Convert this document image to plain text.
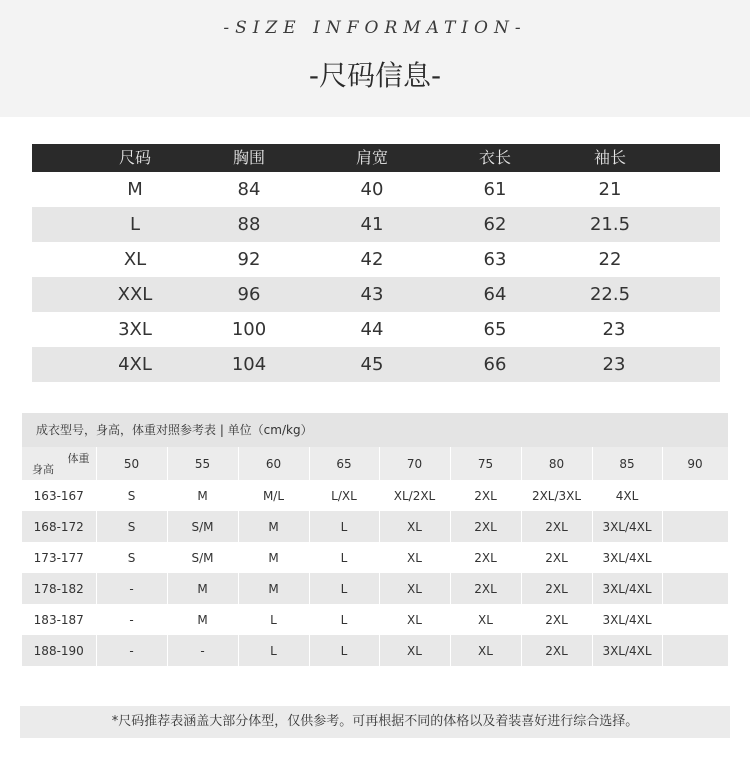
-SIZE INFORMATION-
-尺码信息-
尺码	胸围	肩宽	衣长	袖长
M	84	40	61	21
L	88	41	62	21.5
XL	92	42	63	22
XXL	96	43	64	22.5
3XL	100	44	65	23
4XL	104	45	66	23
成衣型号，身高，体重对照参考表 | 单位（cm/kg）
体重
身高	50	55	60	65	70	75	80	85	90
163-167	S	M	M/L	L/XL	XL/2XL	2XL	2XL/3XL	4XL	
168-172	S	S/M	M	L	XL	2XL	2XL	3XL/4XL	
173-177	S	S/M	M	L	XL	2XL	2XL	3XL/4XL	
178-182	-	M	M	L	XL	2XL	2XL	3XL/4XL	
183-187	-	M	L	L	XL	XL	2XL	3XL/4XL	
188-190	-	-	L	L	XL	XL	2XL	3XL/4XL	
*尺码推荐表涵盖大部分体型，仅供参考。可再根据不同的体格以及着装喜好进行综合选择。
